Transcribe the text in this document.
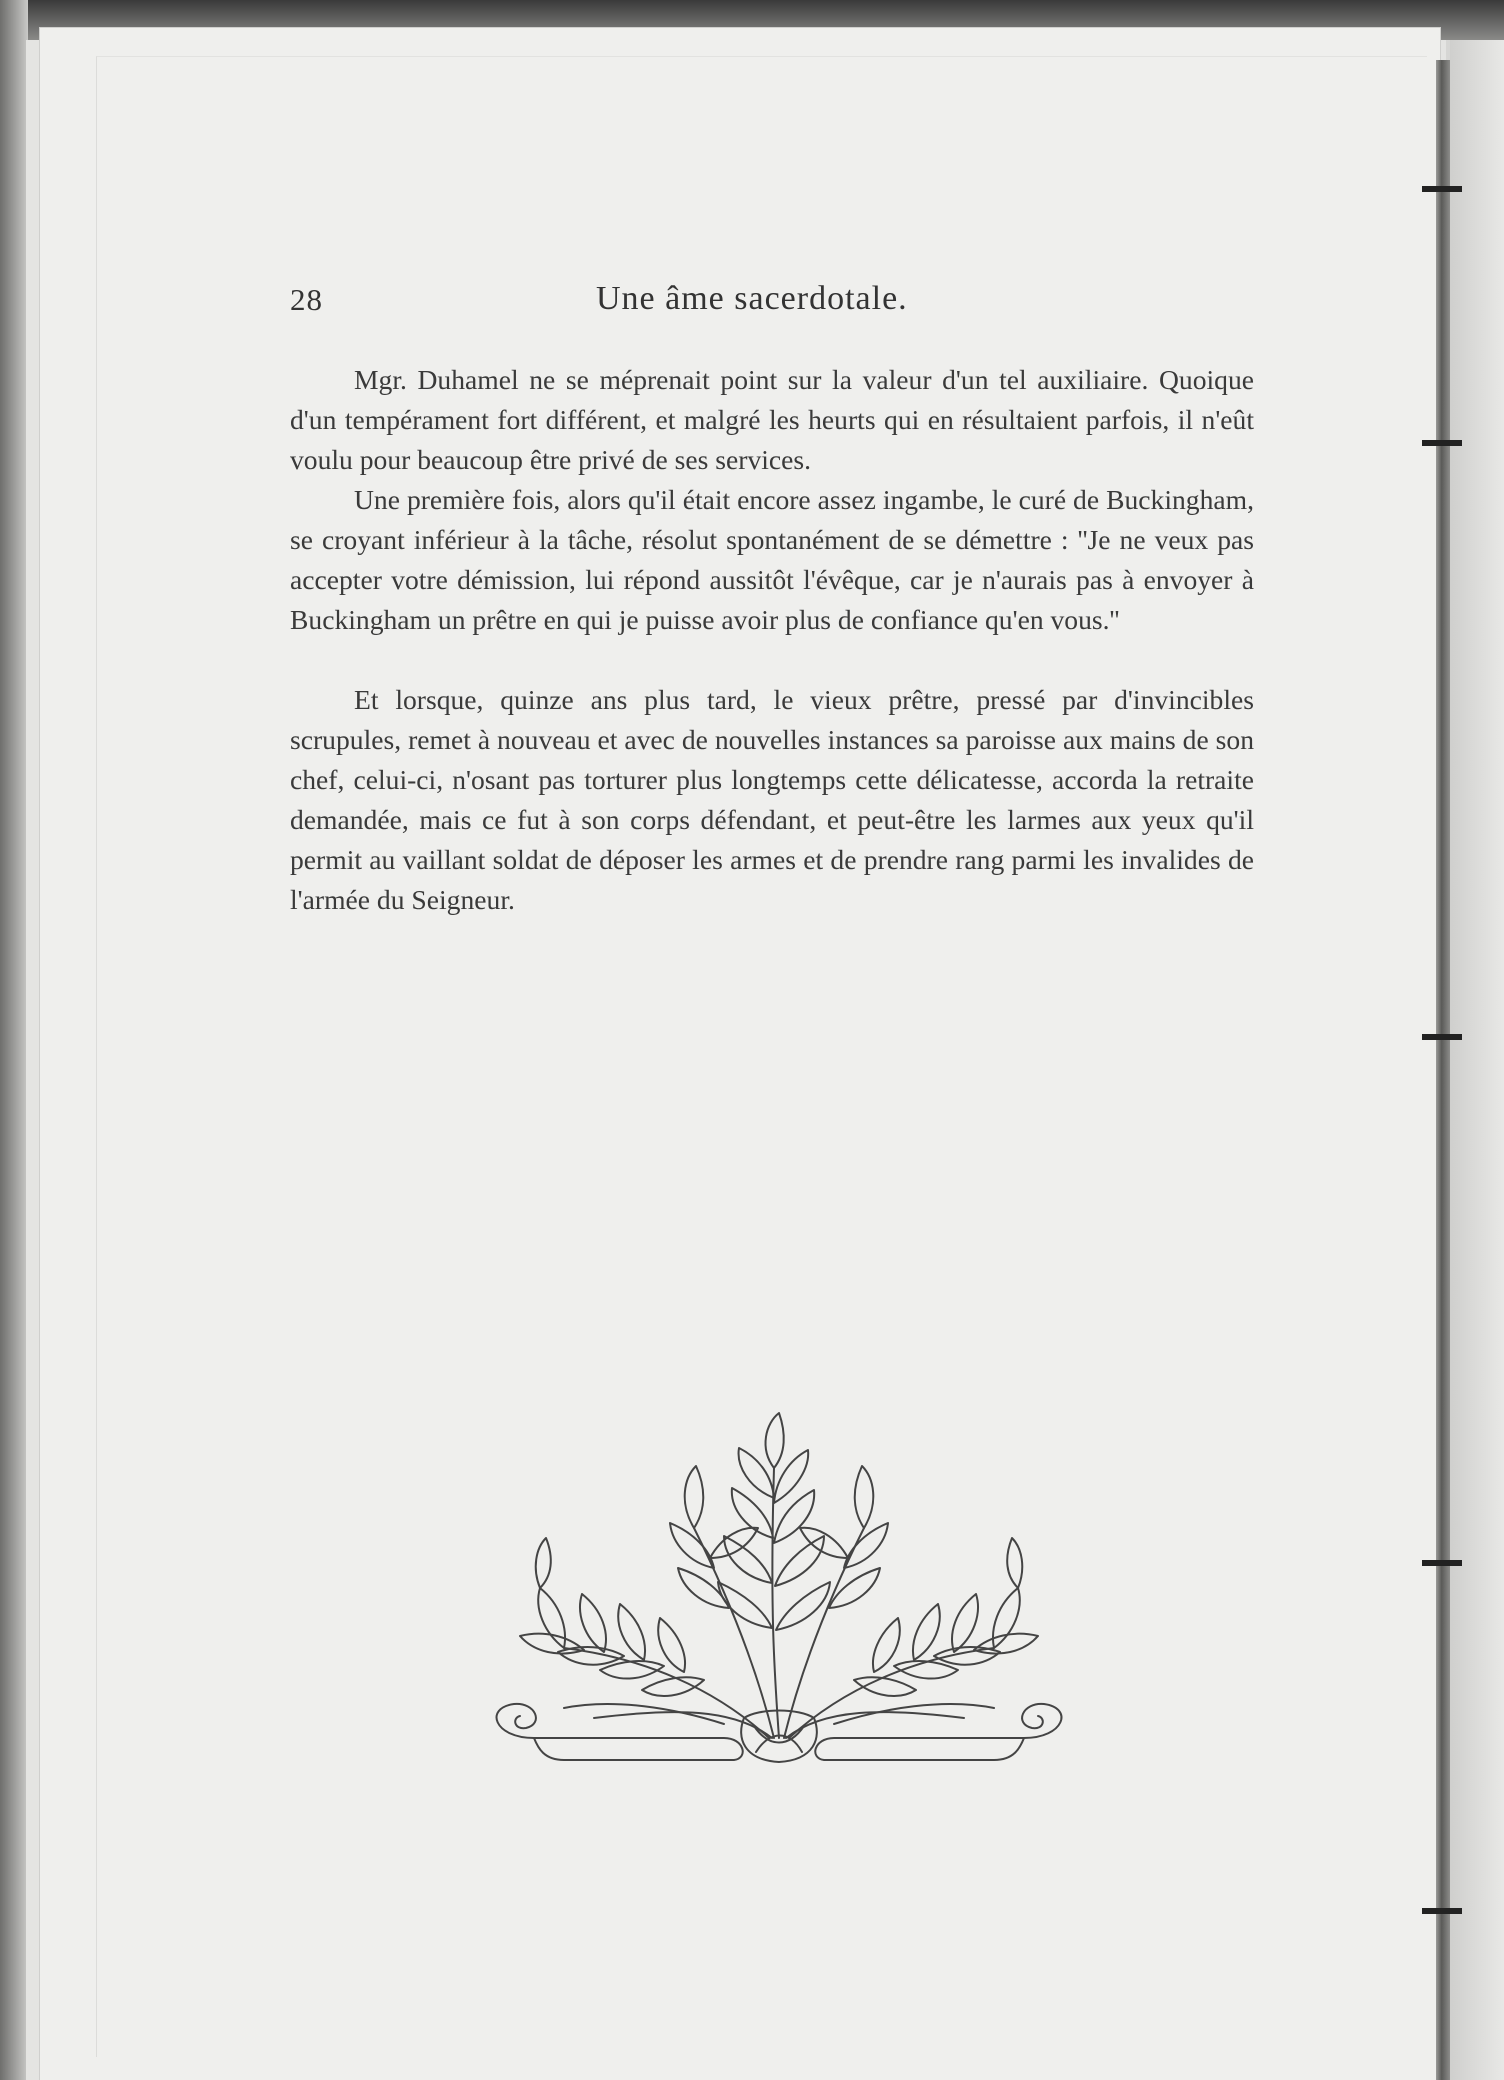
28	Une âme sacerdotale.

Mgr. Duhamel ne se méprenait point sur la valeur d'un tel auxiliaire. Quoique d'un tempérament fort différent, et malgré les heurts qui en résultaient parfois, il n'eût voulu pour beaucoup être privé de ses services.

Une première fois, alors qu'il était encore assez ingambe, le curé de Buckingham, se croyant inférieur à la tâche, résolut spontanément de se démettre : ''Je ne veux pas accepter votre démission, lui répond aussitôt l'évêque, car je n'aurais pas à envoyer à Buckingham un prêtre en qui je puisse avoir plus de confiance qu'en vous.''

Et lorsque, quinze ans plus tard, le vieux prêtre, pressé par d'invincibles scrupules, remet à nouveau et avec de nouvelles instances sa paroisse aux mains de son chef, celui-ci, n'osant pas torturer plus longtemps cette délicatesse, accorda la retraite demandée, mais ce fut à son corps défendant, et peut-être les larmes aux yeux qu'il permit au vaillant soldat de déposer les armes et de prendre rang parmi les invalides de l'armée du Seigneur.
